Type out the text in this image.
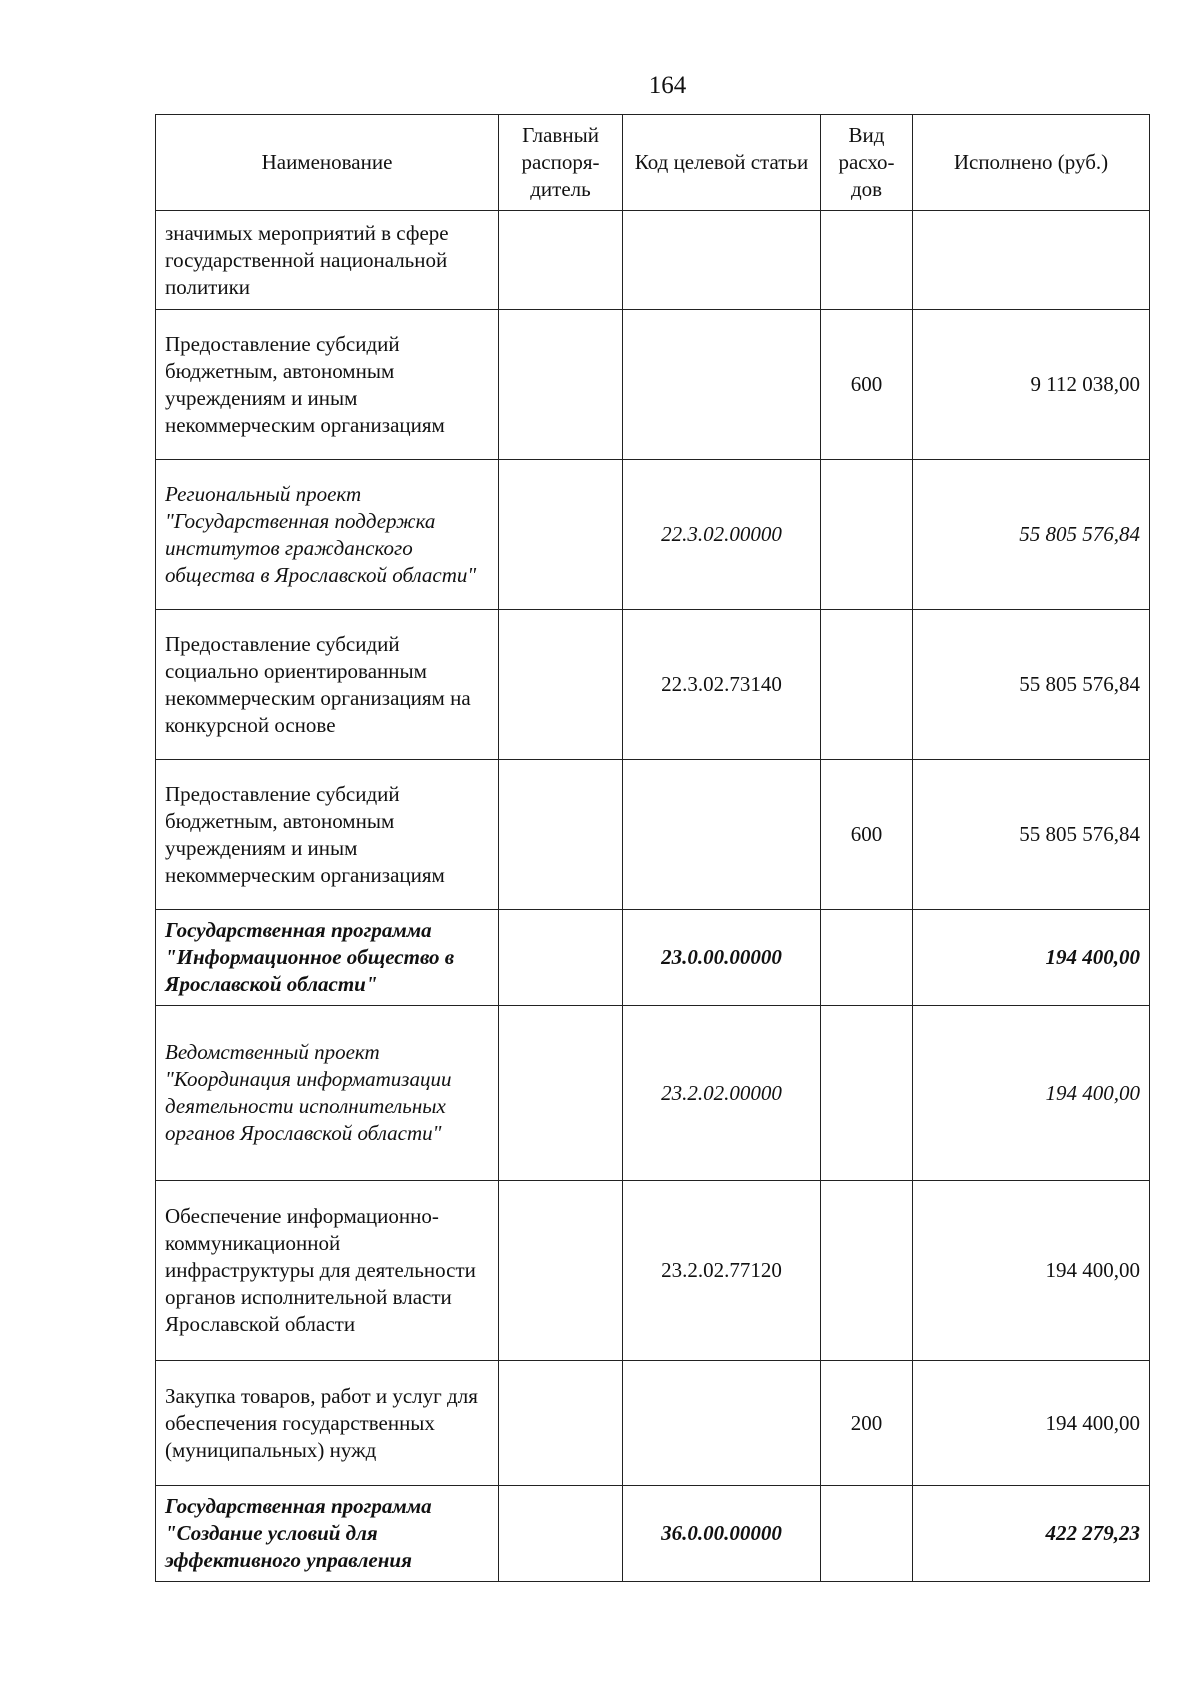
164
Наименование	Главный распоря-дитель	Код целевой статьи	Вид расхо-дов	Исполнено (руб.)
значимых мероприятий в сфере государственной национальной политики				
Предоставление субсидий бюджетным, автономным учреждениям и иным некоммерческим организациям			600	9 112 038,00
Региональный проект "Государственная поддержка институтов гражданского общества в Ярославской области"		22.3.02.00000		55 805 576,84
Предоставление субсидий социально ориентированным некоммерческим организациям на конкурсной основе		22.3.02.73140		55 805 576,84
Предоставление субсидий бюджетным, автономным учреждениям и иным некоммерческим организациям			600	55 805 576,84
Государственная программа "Информационное общество в Ярославской области"		23.0.00.00000		194 400,00
Ведомственный проект "Координация информатизации деятельности исполнительных органов Ярославской области"		23.2.02.00000		194 400,00
Обеспечение информационно-коммуникационной инфраструктуры для деятельности органов исполнительной власти Ярославской области		23.2.02.77120		194 400,00
Закупка товаров, работ и услуг для обеспечения государственных (муниципальных) нужд			200	194 400,00
Государственная программа "Создание условий для эффективного управления		36.0.00.00000		422 279,23
